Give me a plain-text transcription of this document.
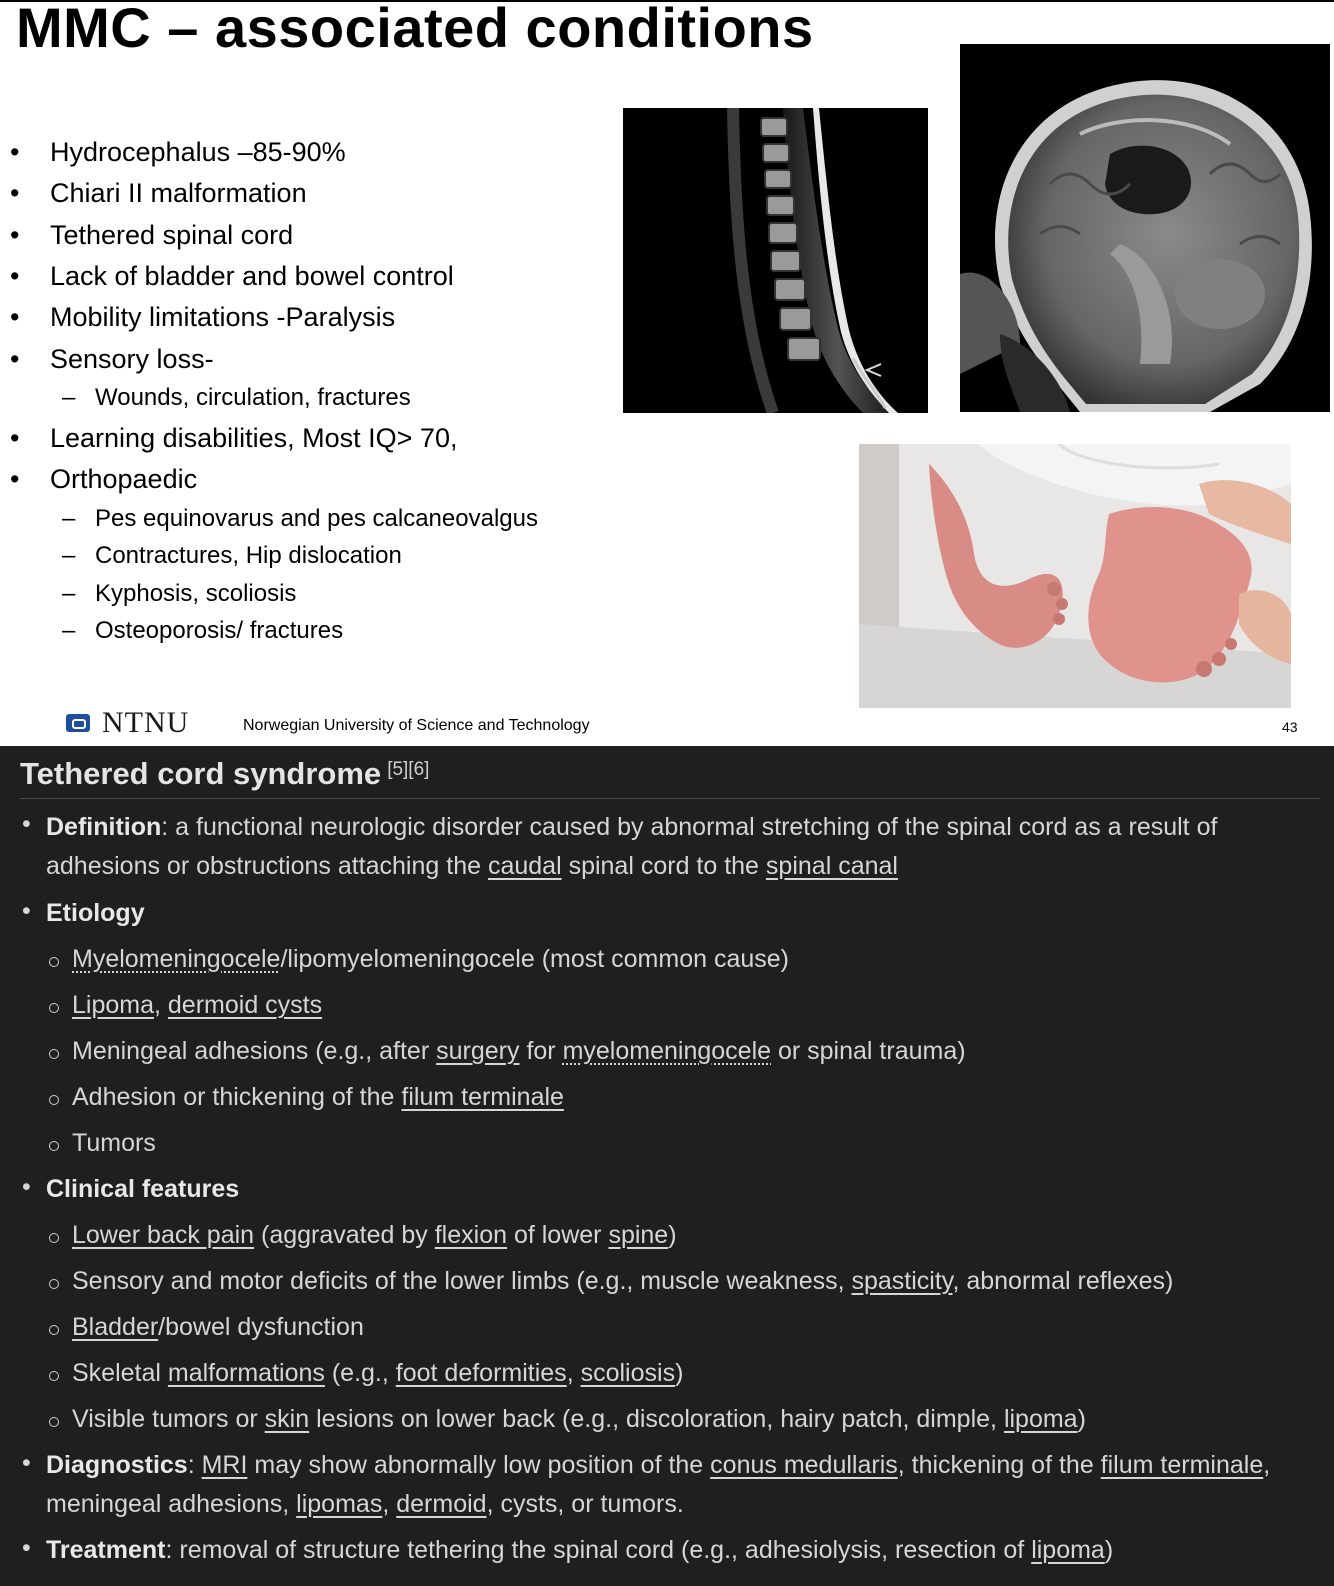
MMC – associated conditions
• Hydrocephalus –85-90%
• Chiari II malformation
• Tethered spinal cord
• Lack of bladder and bowel control
• Mobility limitations -Paralysis
• Sensory loss-
– Wounds, circulation, fractures
• Learning disabilities, Most IQ> 70,
• Orthopaedic
– Pes equinovarus and pes calcaneovalgus
– Contractures, Hip dislocation
– Kyphosis, scoliosis
– Osteoporosis/ fractures
NTNU	Norwegian University of Science and Technology	43
Tethered cord syndrome [5][6]
• Definition: a functional neurologic disorder caused by abnormal stretching of the spinal cord as a result of
adhesions or obstructions attaching the caudal spinal cord to the spinal canal
• Etiology
Myelomeningocele/lipomyelomeningocele (most common cause)
Lipoma, dermoid cysts
Meningeal adhesions (e.g., after surgery for myelomeningocele or spinal trauma)
Adhesion or thickening of the filum terminale
Tumors
• Clinical features
Lower back pain (aggravated by flexion of lower spine)
Sensory and motor deficits of the lower limbs (e.g., muscle weakness, spasticity, abnormal reflexes)
Bladder/bowel dysfunction
Skeletal malformations (e.g., foot deformities, scoliosis)
Visible tumors or skin lesions on lower back (e.g., discoloration, hairy patch, dimple, lipoma)
• Diagnostics: MRI may show abnormally low position of the conus medullaris, thickening of the filum terminale,
meningeal adhesions, lipomas, dermoid, cysts, or tumors.
• Treatment: removal of structure tethering the spinal cord (e.g., adhesiolysis, resection of lipoma)
